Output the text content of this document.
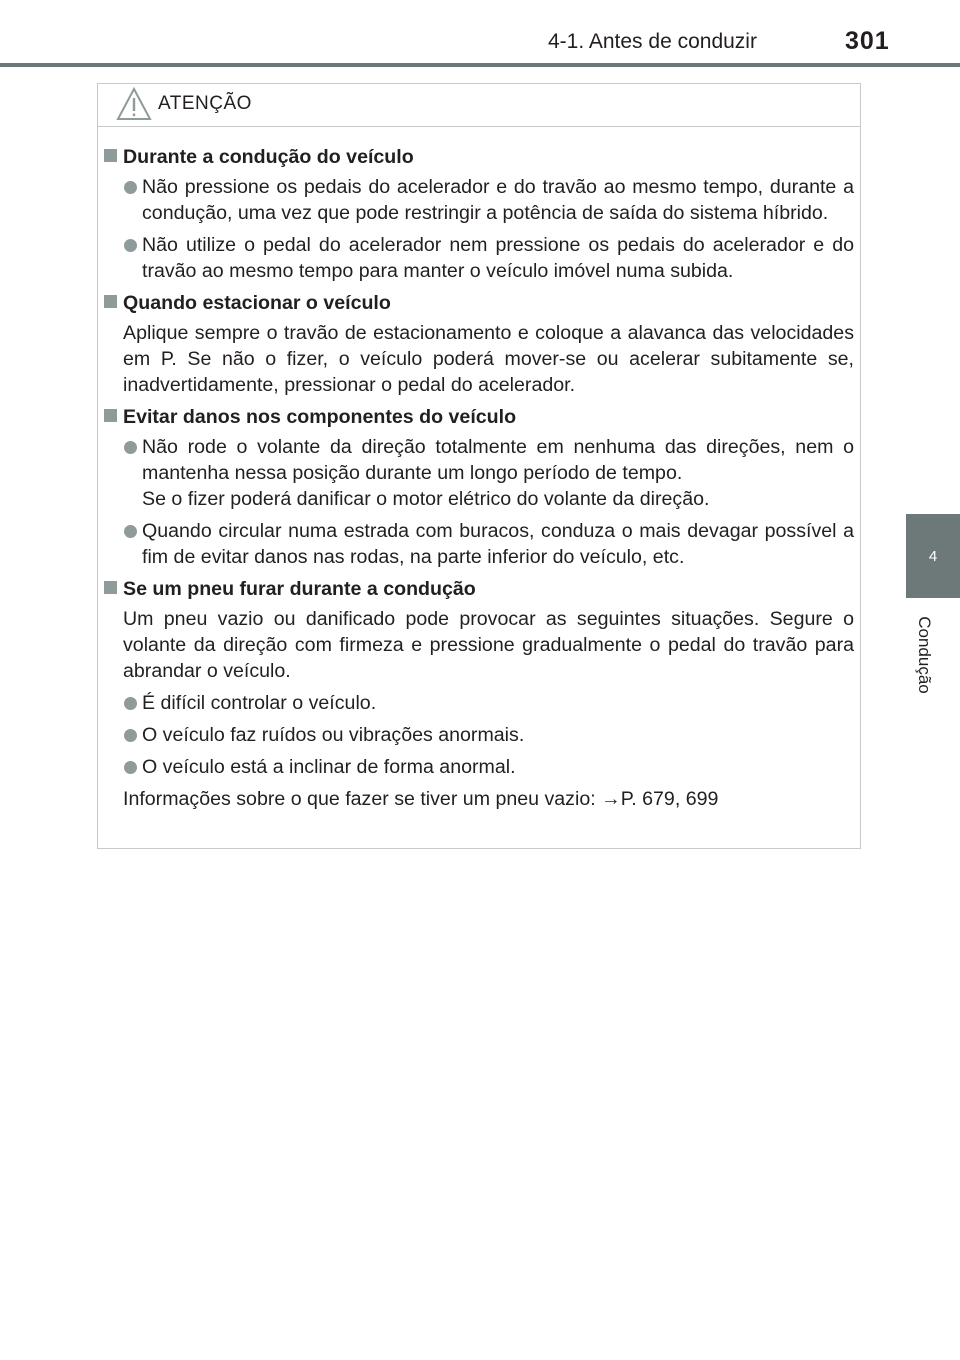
4-1. Antes de conduzir	301
4
Condução
ATENÇÃO
Durante a condução do veículo

Não pressione os pedais do acelerador e do travão ao mesmo tempo, durante a condução, uma vez que pode restringir a potência de saída do sistema híbrido.

Não utilize o pedal do acelerador nem pressione os pedais do acelerador e do travão ao mesmo tempo para manter o veículo imóvel numa subida.

Quando estacionar o veículo

Aplique sempre o travão de estacionamento e coloque a alavanca das velocidades em P. Se não o fizer, o veículo poderá mover-se ou acelerar subitamente se, inadvertidamente, pressionar o pedal do acelerador.

Evitar danos nos componentes do veículo

Não rode o volante da direção totalmente em nenhuma das direções, nem o mantenha nessa posição durante um longo período de tempo.

Se o fizer poderá danificar o motor elétrico do volante da direção.

Quando circular numa estrada com buracos, conduza o mais devagar possível a fim de evitar danos nas rodas, na parte inferior do veículo, etc.

Se um pneu furar durante a condução

Um pneu vazio ou danificado pode provocar as seguintes situações. Segure o volante da direção com firmeza e pressione gradualmente o pedal do travão para abrandar o veículo.

É difícil controlar o veículo.

O veículo faz ruídos ou vibrações anormais.

O veículo está a inclinar de forma anormal.

Informações sobre o que fazer se tiver um pneu vazio: →P. 679, 699
